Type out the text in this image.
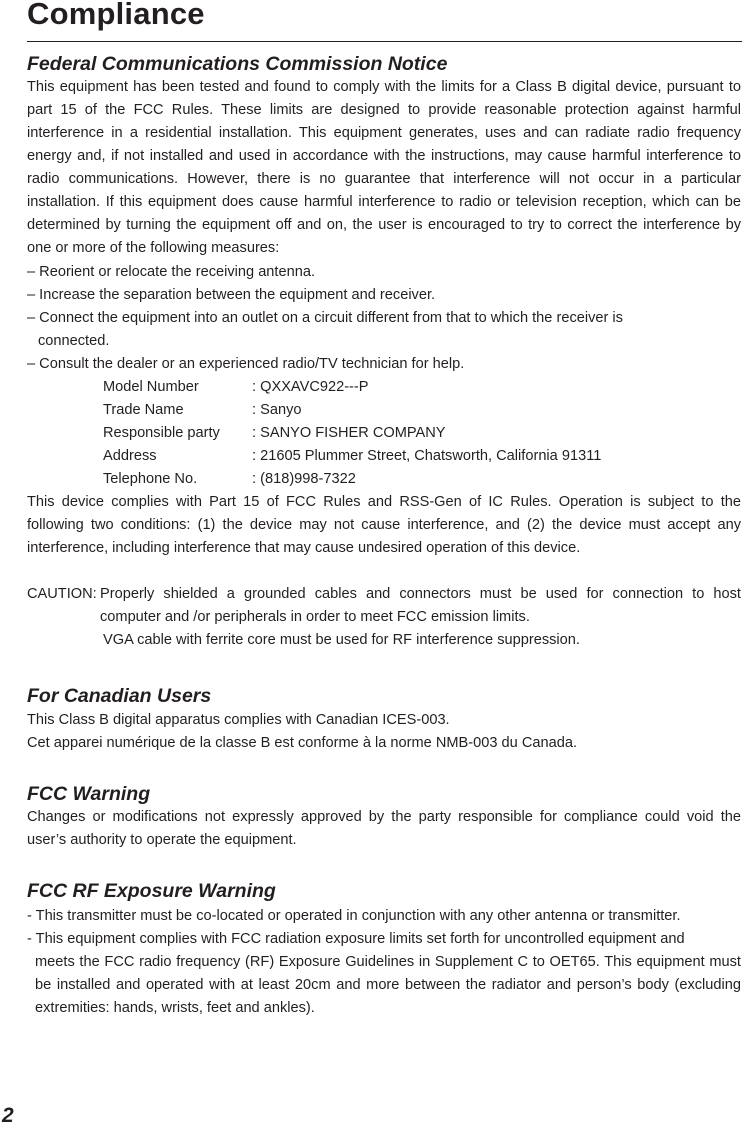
Compliance
Federal Communications Commission Notice
This equipment has been tested and found to comply with the limits for a Class B digital device, pursuant to part 15 of the FCC Rules. These limits are designed to provide reasonable protection against harmful interference in a residential installation. This equipment generates, uses and can radiate radio frequency energy and, if not installed and used in accordance with the instructions, may cause harmful interference to radio communications. However, there is no guarantee that interference will not occur in a particular installation. If this equipment does cause harmful interference to radio or television reception, which can be determined by turning the equipment off and on, the user is encouraged to try to correct the interference by one or more of the following measures:
– Reorient or relocate the receiving antenna.
– Increase the separation between the equipment and receiver.
– Connect the equipment into an outlet on a circuit different from that to which the receiver is
connected.
– Consult the dealer or an experienced radio/TV technician for help.
Model Number	: QXXAVC922---P
Trade Name	: Sanyo
Responsible party : SANYO FISHER COMPANY
Address	: 21605 Plummer Street, Chatsworth, California 91311
Telephone No.	: (818)998-7322
This device complies with Part 15 of FCC Rules and RSS-Gen of IC Rules. Operation is subject to the following two conditions: (1) the device may not cause interference, and (2) the device must accept any interference, including interference that may cause undesired operation of this device.
CAUTION: Properly shielded a grounded cables and connectors must be used for connection to host
computer and /or peripherals in order to meet FCC emission limits.
VGA cable with ferrite core must be used for RF interference suppression.
For Canadian Users
This Class B digital apparatus complies with Canadian ICES-003.
Cet apparei numérique de la classe B est conforme à la norme NMB-003 du Canada.
FCC Warning
Changes or modifications not expressly approved by the party responsible for compliance could void the user’s authority to operate the equipment.
FCC RF Exposure Warning
- This transmitter must be co-located or operated in conjunction with any other antenna or transmitter.
- This equipment complies with FCC radiation exposure limits set forth for uncontrolled equipment and
meets the FCC radio frequency (RF) Exposure Guidelines in Supplement C to OET65. This equipment must be installed and operated with at least 20cm and more between the radiator and person’s body (excluding extremities: hands, wrists, feet and ankles).
2
